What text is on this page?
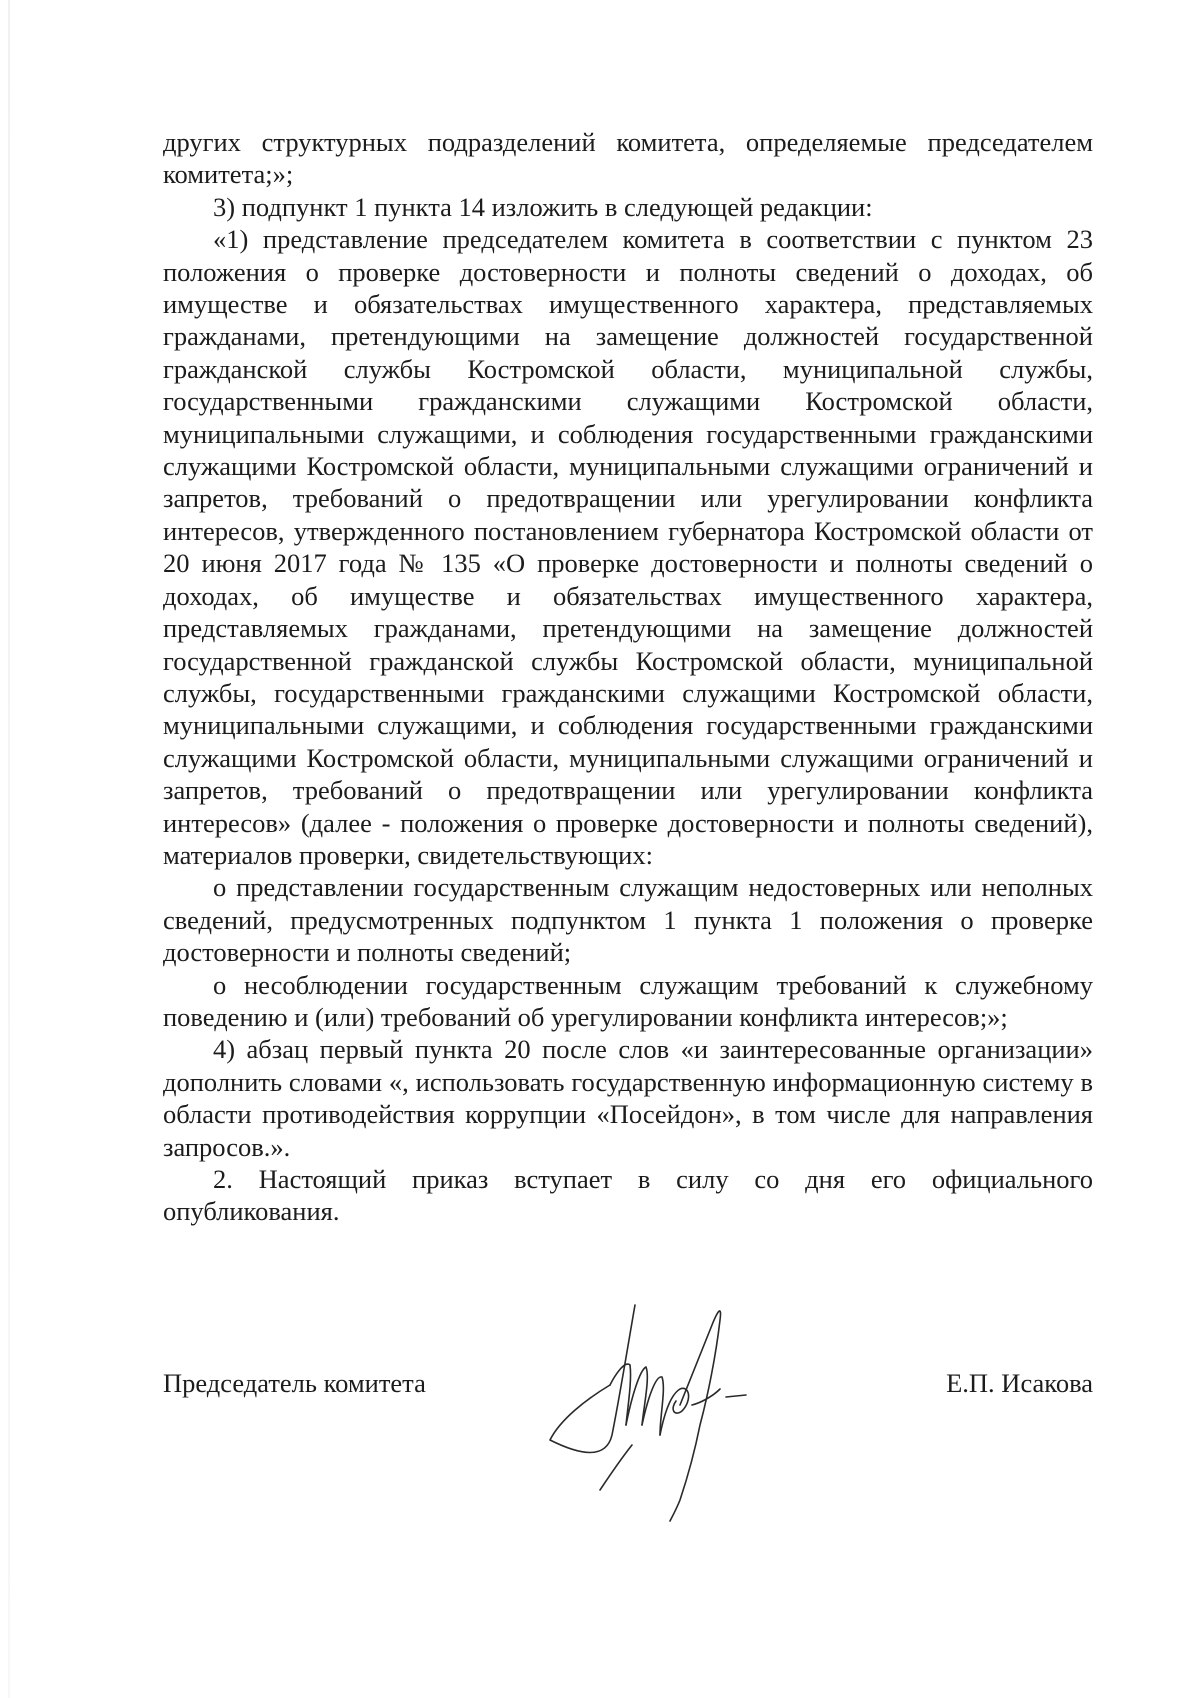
других структурных подразделений комитета, определяемые председателем комитета;»;

3) подпункт 1 пункта 14 изложить в следующей редакции:

«1) представление председателем комитета в соответствии с пунктом 23 положения о проверке достоверности и полноты сведений о доходах, об имуществе и обязательствах имущественного характера, представляемых гражданами, претендующими на замещение должностей государственной гражданской службы Костромской области, муниципальной службы, государственными гражданскими служащими Костромской области, муниципальными служащими, и соблюдения государственными гражданскими служащими Костромской области, муниципальными служащими ограничений и запретов, требований о предотвращении или урегулировании конфликта интересов, утвержденного постановлением губернатора Костромской области от 20 июня 2017 года № 135 «О проверке достоверности и полноты сведений о доходах, об имуществе и обязательствах имущественного характера, представляемых гражданами, претендующими на замещение должностей государственной гражданской службы Костромской области, муниципальной службы, государственными гражданскими служащими Костромской области, муниципальными служащими, и соблюдения государственными гражданскими служащими Костромской области, муниципальными служащими ограничений и запретов, требований о предотвращении или урегулировании конфликта интересов» (далее - положения о проверке достоверности и полноты сведений), материалов проверки, свидетельствующих:

о представлении государственным служащим недостоверных или неполных сведений, предусмотренных подпунктом 1 пункта 1 положения о проверке достоверности и полноты сведений;

о несоблюдении государственным служащим требований к служебному поведению и (или) требований об урегулировании конфликта интересов;»;

4) абзац первый пункта 20 после слов «и заинтересованные организации» дополнить словами «, использовать государственную информационную систему в области противодействия коррупции «Посейдон», в том числе для направления запросов.».

2. Настоящий приказ вступает в силу со дня его официального опубликования.

Председатель комитета	Е.П. Исакова
